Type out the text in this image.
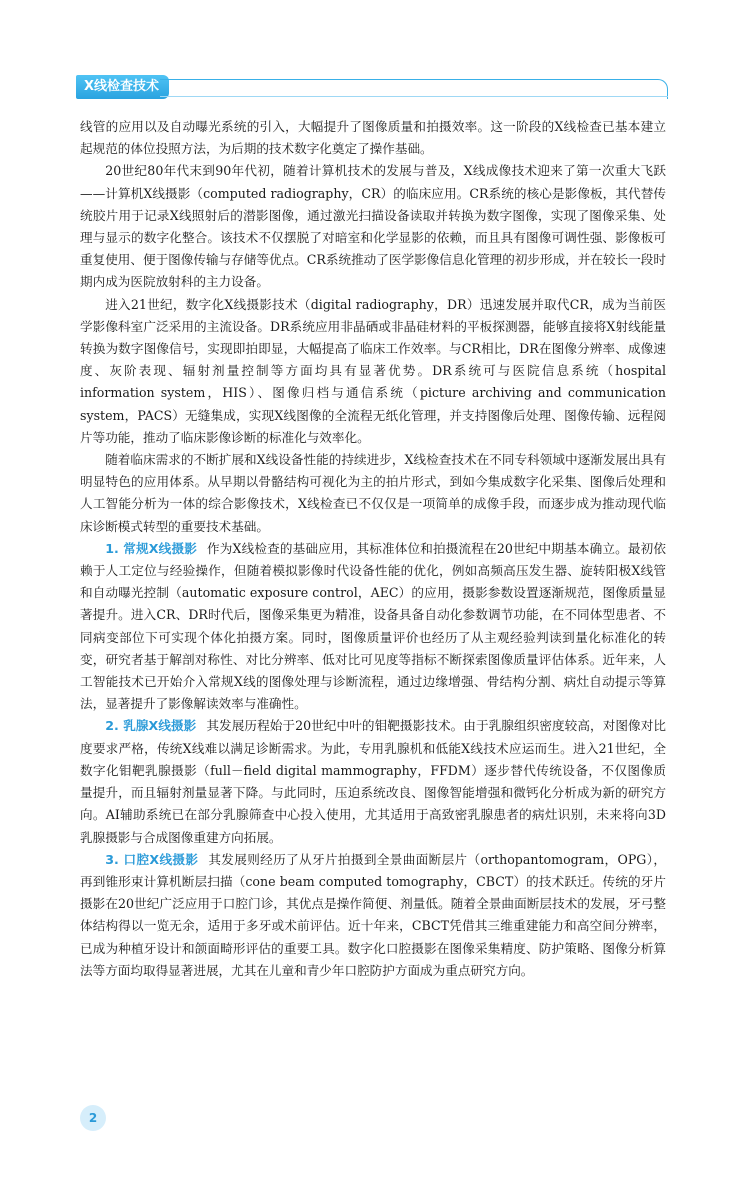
X线检查技术

线管的应用以及自动曝光系统的引入，大幅提升了图像质量和拍摄效率。这一阶段的X线检查已基本建立起规范的体位投照方法，为后期的技术数字化奠定了操作基础。

20世纪80年代末到90年代初，随着计算机技术的发展与普及，X线成像技术迎来了第一次重大飞跃——计算机X线摄影（computed radiography，CR）的临床应用。CR系统的核心是影像板，其代替传统胶片用于记录X线照射后的潜影图像，通过激光扫描设备读取并转换为数字图像，实现了图像采集、处理与显示的数字化整合。该技术不仅摆脱了对暗室和化学显影的依赖，而且具有图像可调性强、影像板可重复使用、便于图像传输与存储等优点。CR系统推动了医学影像信息化管理的初步形成，并在较长一段时期内成为医院放射科的主力设备。

进入21世纪，数字化X线摄影技术（digital radiography，DR）迅速发展并取代CR，成为当前医学影像科室广泛采用的主流设备。DR系统应用非晶硒或非晶硅材料的平板探测器，能够直接将X射线能量转换为数字图像信号，实现即拍即显，大幅提高了临床工作效率。与CR相比，DR在图像分辨率、成像速度、灰阶表现、辐射剂量控制等方面均具有显著优势。DR系统可与医院信息系统（hospital information system，HIS）、图像归档与通信系统（picture archiving and communication system，PACS）无缝集成，实现X线图像的全流程无纸化管理，并支持图像后处理、图像传输、远程阅片等功能，推动了临床影像诊断的标准化与效率化。

随着临床需求的不断扩展和X线设备性能的持续进步，X线检查技术在不同专科领域中逐渐发展出具有明显特色的应用体系。从早期以骨骼结构可视化为主的拍片形式，到如今集成数字化采集、图像后处理和人工智能分析为一体的综合影像技术，X线检查已不仅仅是一项简单的成像手段，而逐步成为推动现代临床诊断模式转型的重要技术基础。

1. 常规X线摄影 作为X线检查的基础应用，其标准体位和拍摄流程在20世纪中期基本确立。最初依赖于人工定位与经验操作，但随着模拟影像时代设备性能的优化，例如高频高压发生器、旋转阳极X线管和自动曝光控制（automatic exposure control，AEC）的应用，摄影参数设置逐渐规范，图像质量显著提升。进入CR、DR时代后，图像采集更为精准，设备具备自动化参数调节功能，在不同体型患者、不同病变部位下可实现个体化拍摄方案。同时，图像质量评价也经历了从主观经验判读到量化标准化的转变，研究者基于解剖对称性、对比分辨率、低对比可见度等指标不断探索图像质量评估体系。近年来，人工智能技术已开始介入常规X线的图像处理与诊断流程，通过边缘增强、骨结构分割、病灶自动提示等算法，显著提升了影像解读效率与准确性。

2. 乳腺X线摄影 其发展历程始于20世纪中叶的钼靶摄影技术。由于乳腺组织密度较高，对图像对比度要求严格，传统X线难以满足诊断需求。为此，专用乳腺机和低能X线技术应运而生。进入21世纪，全数字化钼靶乳腺摄影（full－field digital mammography，FFDM）逐步替代传统设备，不仅图像质量提升，而且辐射剂量显著下降。与此同时，压迫系统改良、图像智能增强和微钙化分析成为新的研究方向。AI辅助系统已在部分乳腺筛查中心投入使用，尤其适用于高致密乳腺患者的病灶识别，未来将向3D乳腺摄影与合成图像重建方向拓展。

3. 口腔X线摄影 其发展则经历了从牙片拍摄到全景曲面断层片（orthopantomogram，OPG），再到锥形束计算机断层扫描（cone beam computed tomography，CBCT）的技术跃迁。传统的牙片摄影在20世纪广泛应用于口腔门诊，其优点是操作简便、剂量低。随着全景曲面断层技术的发展，牙弓整体结构得以一览无余，适用于多牙或术前评估。近十年来，CBCT凭借其三维重建能力和高空间分辨率，已成为种植牙设计和颌面畸形评估的重要工具。数字化口腔摄影在图像采集精度、防护策略、图像分析算法等方面均取得显著进展，尤其在儿童和青少年口腔防护方面成为重点研究方向。

2
